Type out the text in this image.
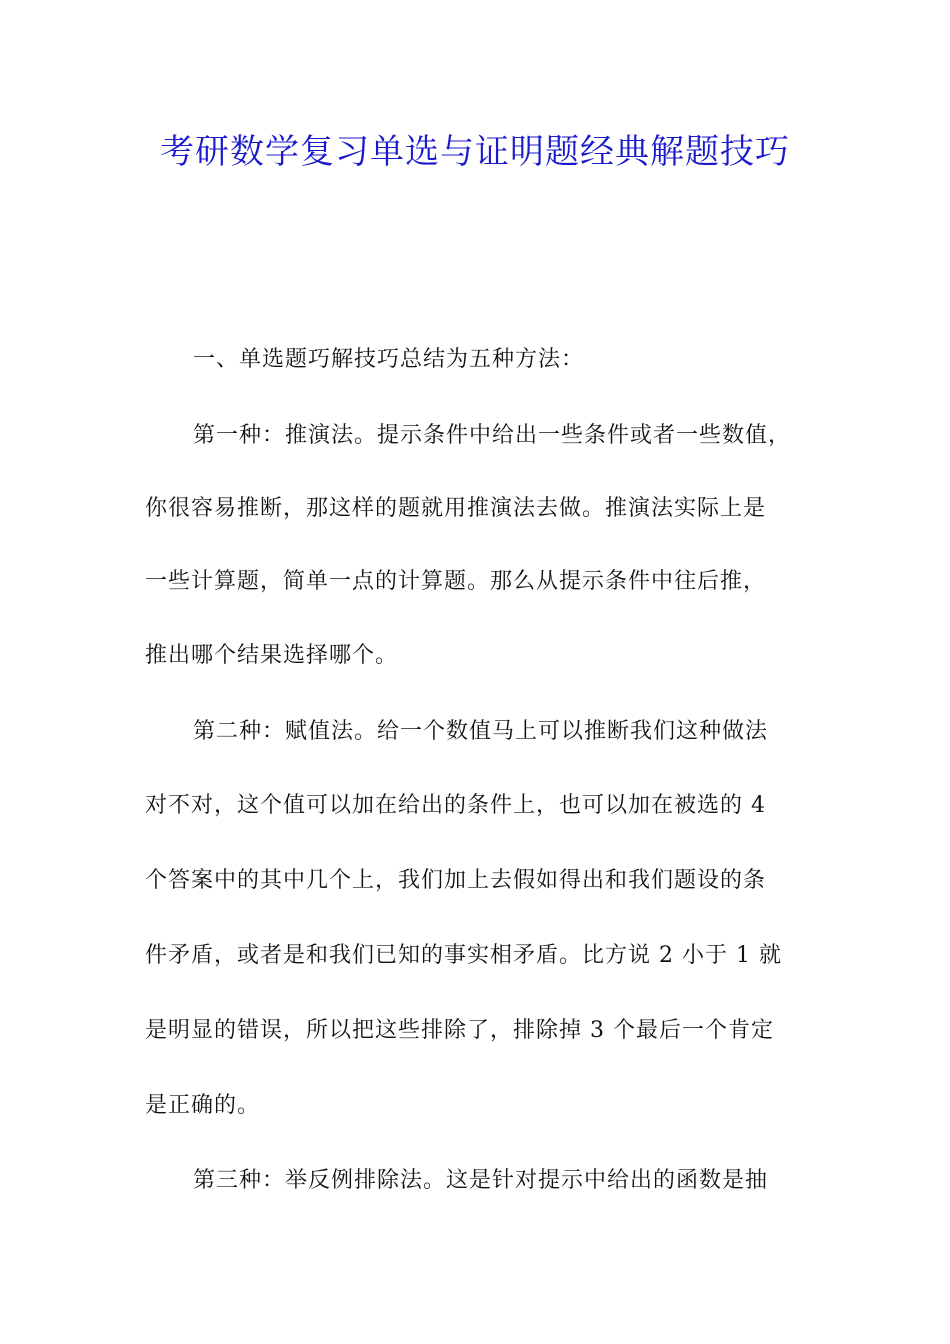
考研数学复习单选与证明题经典解题技巧
一、单选题巧解技巧总结为五种方法：
第一种：推演法。提示条件中给出一些条件或者一些数值，
你很容易推断，那这样的题就用推演法去做。推演法实际上是
一些计算题，简单一点的计算题。那么从提示条件中往后推，
推出哪个结果选择哪个。
第二种：赋值法。给一个数值马上可以推断我们这种做法
对不对，这个值可以加在给出的条件上，也可以加在被选的 4
个答案中的其中几个上，我们加上去假如得出和我们题设的条
件矛盾，或者是和我们已知的事实相矛盾。比方说 2 小于 1 就
是明显的错误，所以把这些排除了，排除掉 3 个最后一个肯定
是正确的。
第三种：举反例排除法。这是针对提示中给出的函数是抽
